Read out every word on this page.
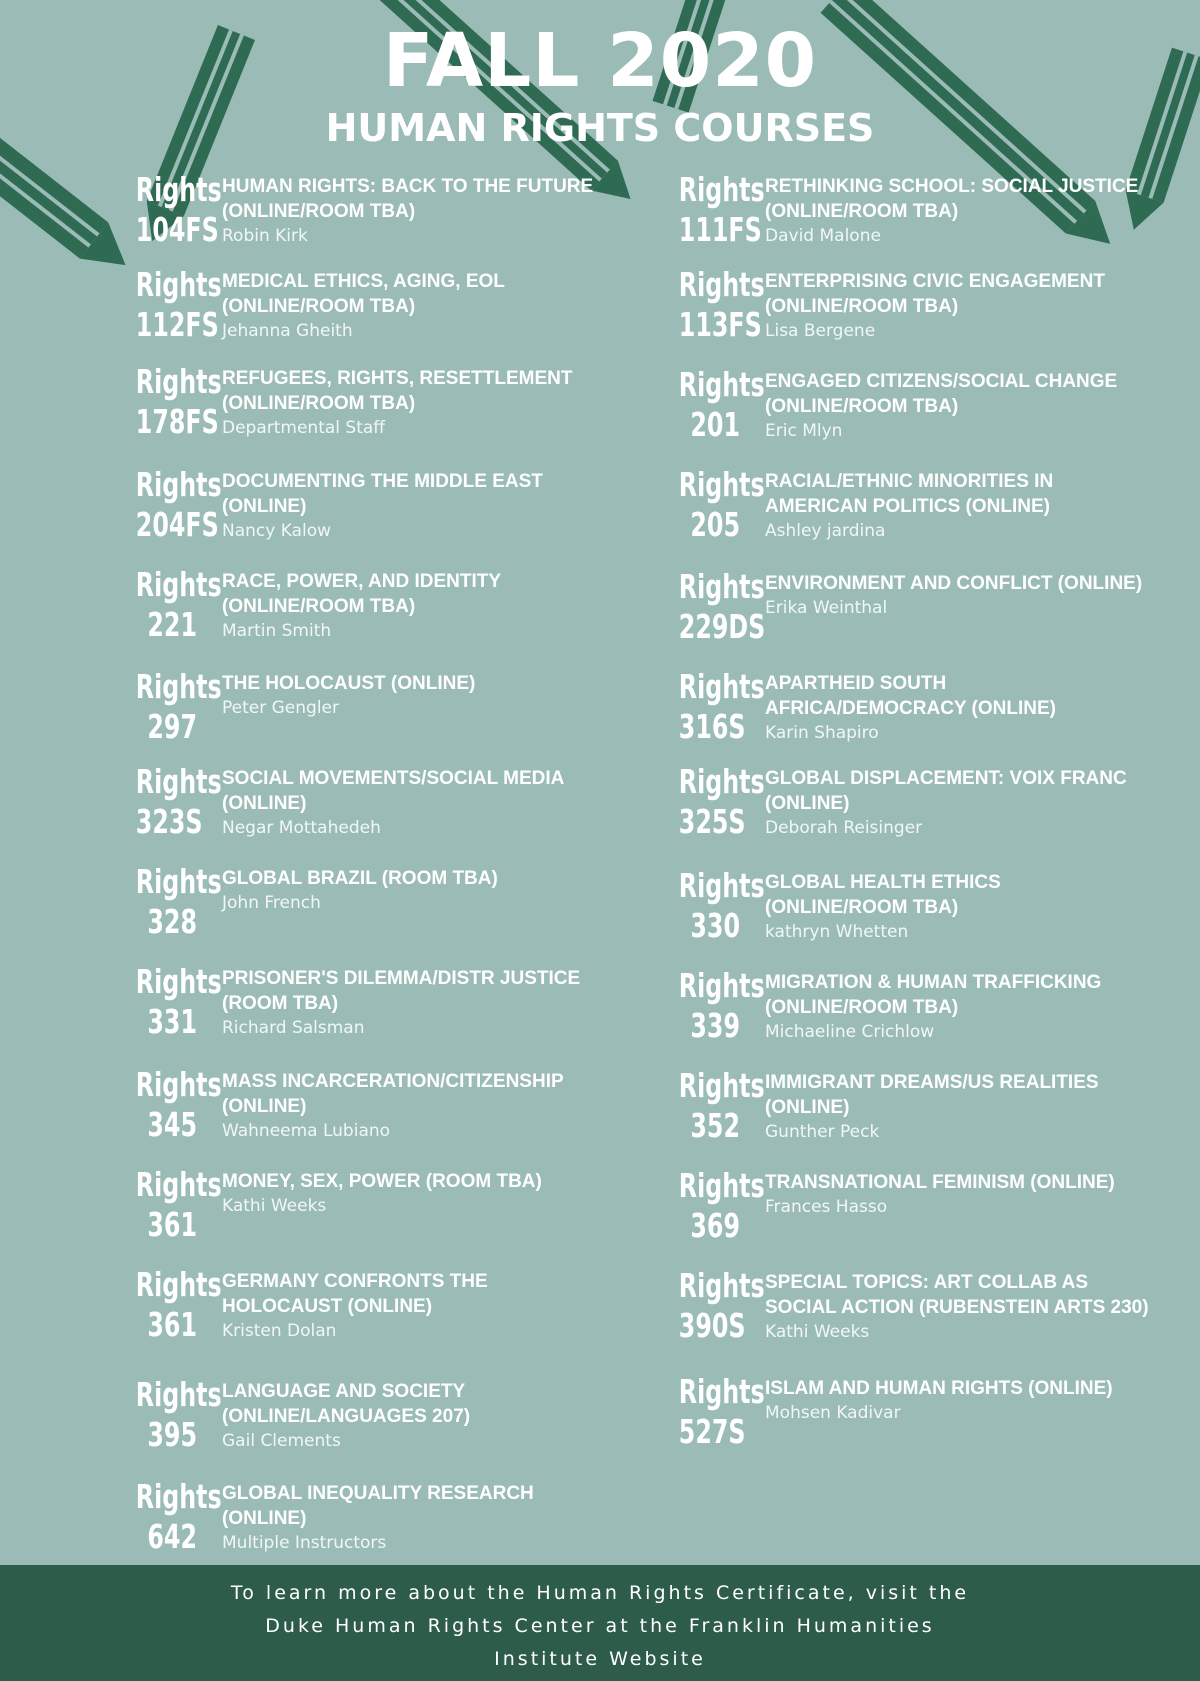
FALL 2020
HUMAN RIGHTS COURSES
Rights
104FS
HUMAN RIGHTS: BACK TO THE FUTURE
(ONLINE/ROOM TBA)
Robin Kirk
Rights
112FS
MEDICAL ETHICS, AGING, EOL
(ONLINE/ROOM TBA)
Jehanna Gheith
Rights
178FS
REFUGEES, RIGHTS, RESETTLEMENT
(ONLINE/ROOM TBA)
Departmental Staff
Rights
204FS
DOCUMENTING THE MIDDLE EAST
(ONLINE)
Nancy Kalow
Rights
221
RACE, POWER, AND IDENTITY
(ONLINE/ROOM TBA)
Martin Smith
Rights
297
THE HOLOCAUST (ONLINE)
Peter Gengler
Rights
323S
SOCIAL MOVEMENTS/SOCIAL MEDIA
(ONLINE)
Negar Mottahedeh
Rights
328
GLOBAL BRAZIL (ROOM TBA)
John French
Rights
331
PRISONER'S DILEMMA/DISTR JUSTICE
(ROOM TBA)
Richard Salsman
Rights
345
MASS INCARCERATION/CITIZENSHIP
(ONLINE)
Wahneema Lubiano
Rights
361
MONEY, SEX, POWER (ROOM TBA)
Kathi Weeks
Rights
361
GERMANY CONFRONTS THE
HOLOCAUST (ONLINE)
Kristen Dolan
Rights
395
LANGUAGE AND SOCIETY
(ONLINE/LANGUAGES 207)
Gail Clements
Rights
642
GLOBAL INEQUALITY RESEARCH
(ONLINE)
Multiple Instructors
Rights
111FS
RETHINKING SCHOOL: SOCIAL JUSTICE
(ONLINE/ROOM TBA)
David Malone
Rights
113FS
ENTERPRISING CIVIC ENGAGEMENT
(ONLINE/ROOM TBA)
Lisa Bergene
Rights
201
ENGAGED CITIZENS/SOCIAL CHANGE
(ONLINE/ROOM TBA)
Eric Mlyn
Rights
205
RACIAL/ETHNIC MINORITIES IN
AMERICAN POLITICS (ONLINE)
Ashley jardina
Rights
229DS
ENVIRONMENT AND CONFLICT (ONLINE)
Erika Weinthal
Rights
316S
APARTHEID SOUTH
AFRICA/DEMOCRACY (ONLINE)
Karin Shapiro
Rights
325S
GLOBAL DISPLACEMENT: VOIX FRANC
(ONLINE)
Deborah Reisinger
Rights
330
GLOBAL HEALTH ETHICS
(ONLINE/ROOM TBA)
kathryn Whetten
Rights
339
MIGRATION & HUMAN TRAFFICKING
(ONLINE/ROOM TBA)
Michaeline Crichlow
Rights
352
IMMIGRANT DREAMS/US REALITIES
(ONLINE)
Gunther Peck
Rights
369
TRANSNATIONAL FEMINISM (ONLINE)
Frances Hasso
Rights
390S
SPECIAL TOPICS: ART COLLAB AS
SOCIAL ACTION (RUBENSTEIN ARTS 230)
Kathi Weeks
Rights
527S
ISLAM AND HUMAN RIGHTS (ONLINE)
Mohsen Kadivar
To learn more about the Human Rights Certificate, visit the
Duke Human Rights Center at the Franklin Humanities
Institute Website
